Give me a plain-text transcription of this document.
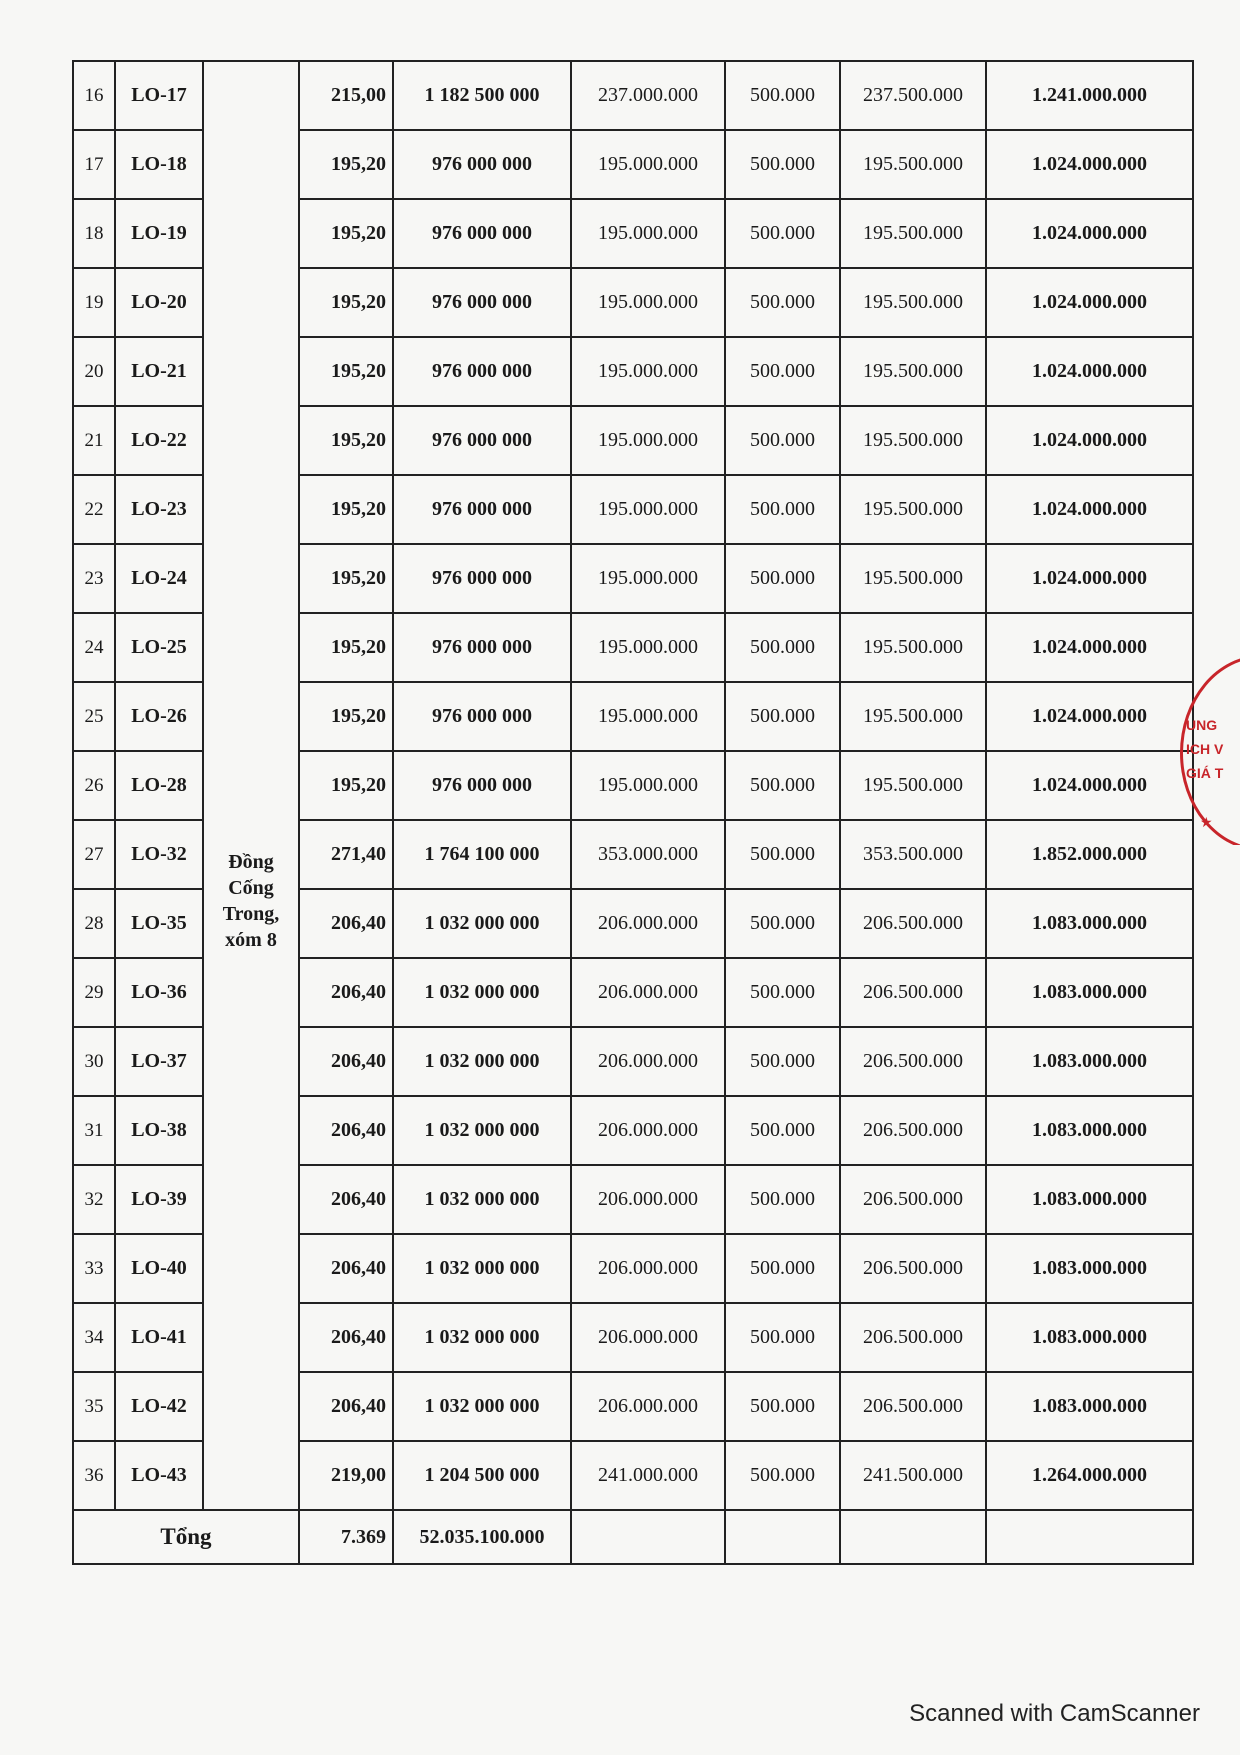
16	LO-17	Đồng Cống Trong, xóm 8	215,00	1 182 500 000	237.000.000	500.000	237.500.000	1.241.000.000
17	LO-18		195,20	976 000 000	195.000.000	500.000	195.500.000	1.024.000.000
18	LO-19		195,20	976 000 000	195.000.000	500.000	195.500.000	1.024.000.000
19	LO-20		195,20	976 000 000	195.000.000	500.000	195.500.000	1.024.000.000
20	LO-21		195,20	976 000 000	195.000.000	500.000	195.500.000	1.024.000.000
21	LO-22		195,20	976 000 000	195.000.000	500.000	195.500.000	1.024.000.000
22	LO-23		195,20	976 000 000	195.000.000	500.000	195.500.000	1.024.000.000
23	LO-24		195,20	976 000 000	195.000.000	500.000	195.500.000	1.024.000.000
24	LO-25		195,20	976 000 000	195.000.000	500.000	195.500.000	1.024.000.000
25	LO-26		195,20	976 000 000	195.000.000	500.000	195.500.000	1.024.000.000
26	LO-28		195,20	976 000 000	195.000.000	500.000	195.500.000	1.024.000.000
27	LO-32		271,40	1 764 100 000	353.000.000	500.000	353.500.000	1.852.000.000
28	LO-35		206,40	1 032 000 000	206.000.000	500.000	206.500.000	1.083.000.000
29	LO-36		206,40	1 032 000 000	206.000.000	500.000	206.500.000	1.083.000.000
30	LO-37		206,40	1 032 000 000	206.000.000	500.000	206.500.000	1.083.000.000
31	LO-38		206,40	1 032 000 000	206.000.000	500.000	206.500.000	1.083.000.000
32	LO-39		206,40	1 032 000 000	206.000.000	500.000	206.500.000	1.083.000.000
33	LO-40		206,40	1 032 000 000	206.000.000	500.000	206.500.000	1.083.000.000
34	LO-41		206,40	1 032 000 000	206.000.000	500.000	206.500.000	1.083.000.000
35	LO-42		206,40	1 032 000 000	206.000.000	500.000	206.500.000	1.083.000.000
36	LO-43		219,00	1 204 500 000	241.000.000	500.000	241.500.000	1.264.000.000
Tổng			7.369	52.035.100.000				
UNG
ICH V
GIÁ T
★
Scanned with CamScanner
